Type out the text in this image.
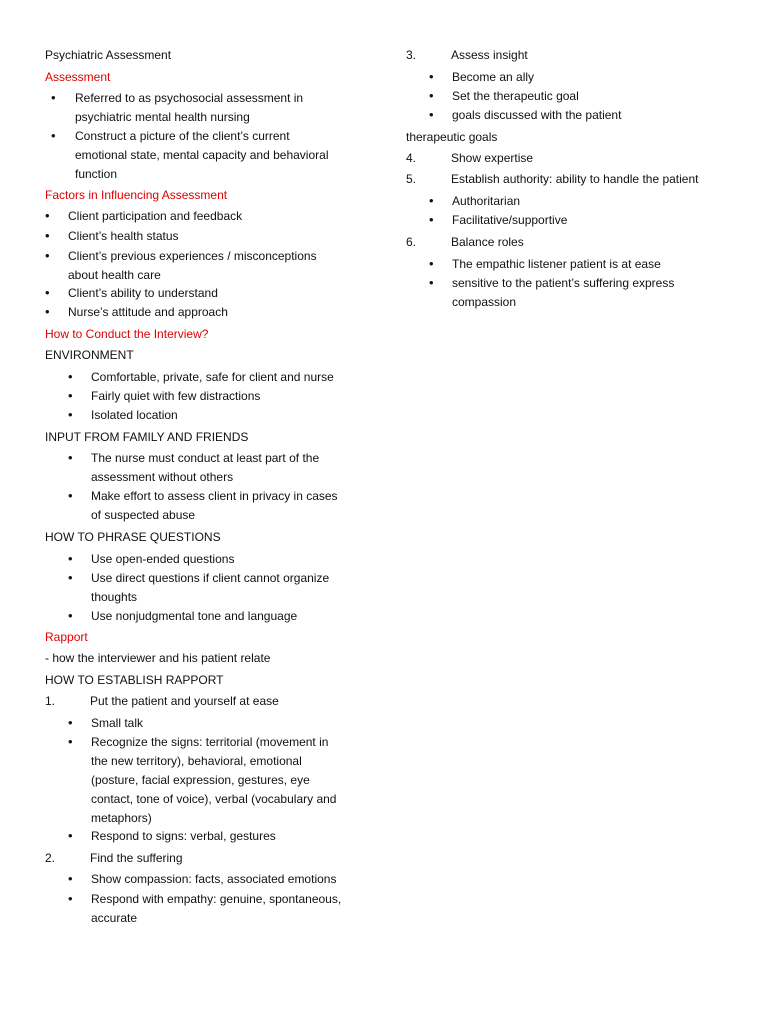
Psychiatric Assessment
Assessment
• Referred to as psychosocial assessment in
psychiatric mental health nursing
• Construct a picture of the client’s current
emotional state, mental capacity and behavioral
function
Factors in Influencing Assessment
• Client participation and feedback
• Client’s health status
• Client’s previous experiences / misconceptions
about health care
• Client’s ability to understand
• Nurse’s attitude and approach
How to Conduct the Interview?
ENVIRONMENT
• Comfortable, private, safe for client and nurse
• Fairly quiet with few distractions
• Isolated location
INPUT FROM FAMILY AND FRIENDS
• The nurse must conduct at least part of the
assessment without others
• Make effort to assess client in privacy in cases
of suspected abuse
HOW TO PHRASE QUESTIONS
• Use open-ended questions
• Use direct questions if client cannot organize
thoughts
• Use nonjudgmental tone and language
Rapport
- how the interviewer and his patient relate
HOW TO ESTABLISH RAPPORT
1.	Put the patient and yourself at ease
• Small talk
• Recognize the signs: territorial (movement in
the new territory), behavioral, emotional
(posture, facial expression, gestures, eye
contact, tone of voice), verbal (vocabulary and
metaphors)
• Respond to signs: verbal, gestures
2.	Find the suffering
• Show compassion: facts, associated emotions
• Respond with empathy: genuine, spontaneous,
accurate
3.	Assess insight
• Become an ally
• Set the therapeutic goal
• goals discussed with the patient
therapeutic goals
4.	Show expertise
5.	Establish authority: ability to handle the patient
• Authoritarian
• Facilitative/supportive
6.	Balance roles
• The empathic listener patient is at ease
• sensitive to the patient’s suffering express
compassion
